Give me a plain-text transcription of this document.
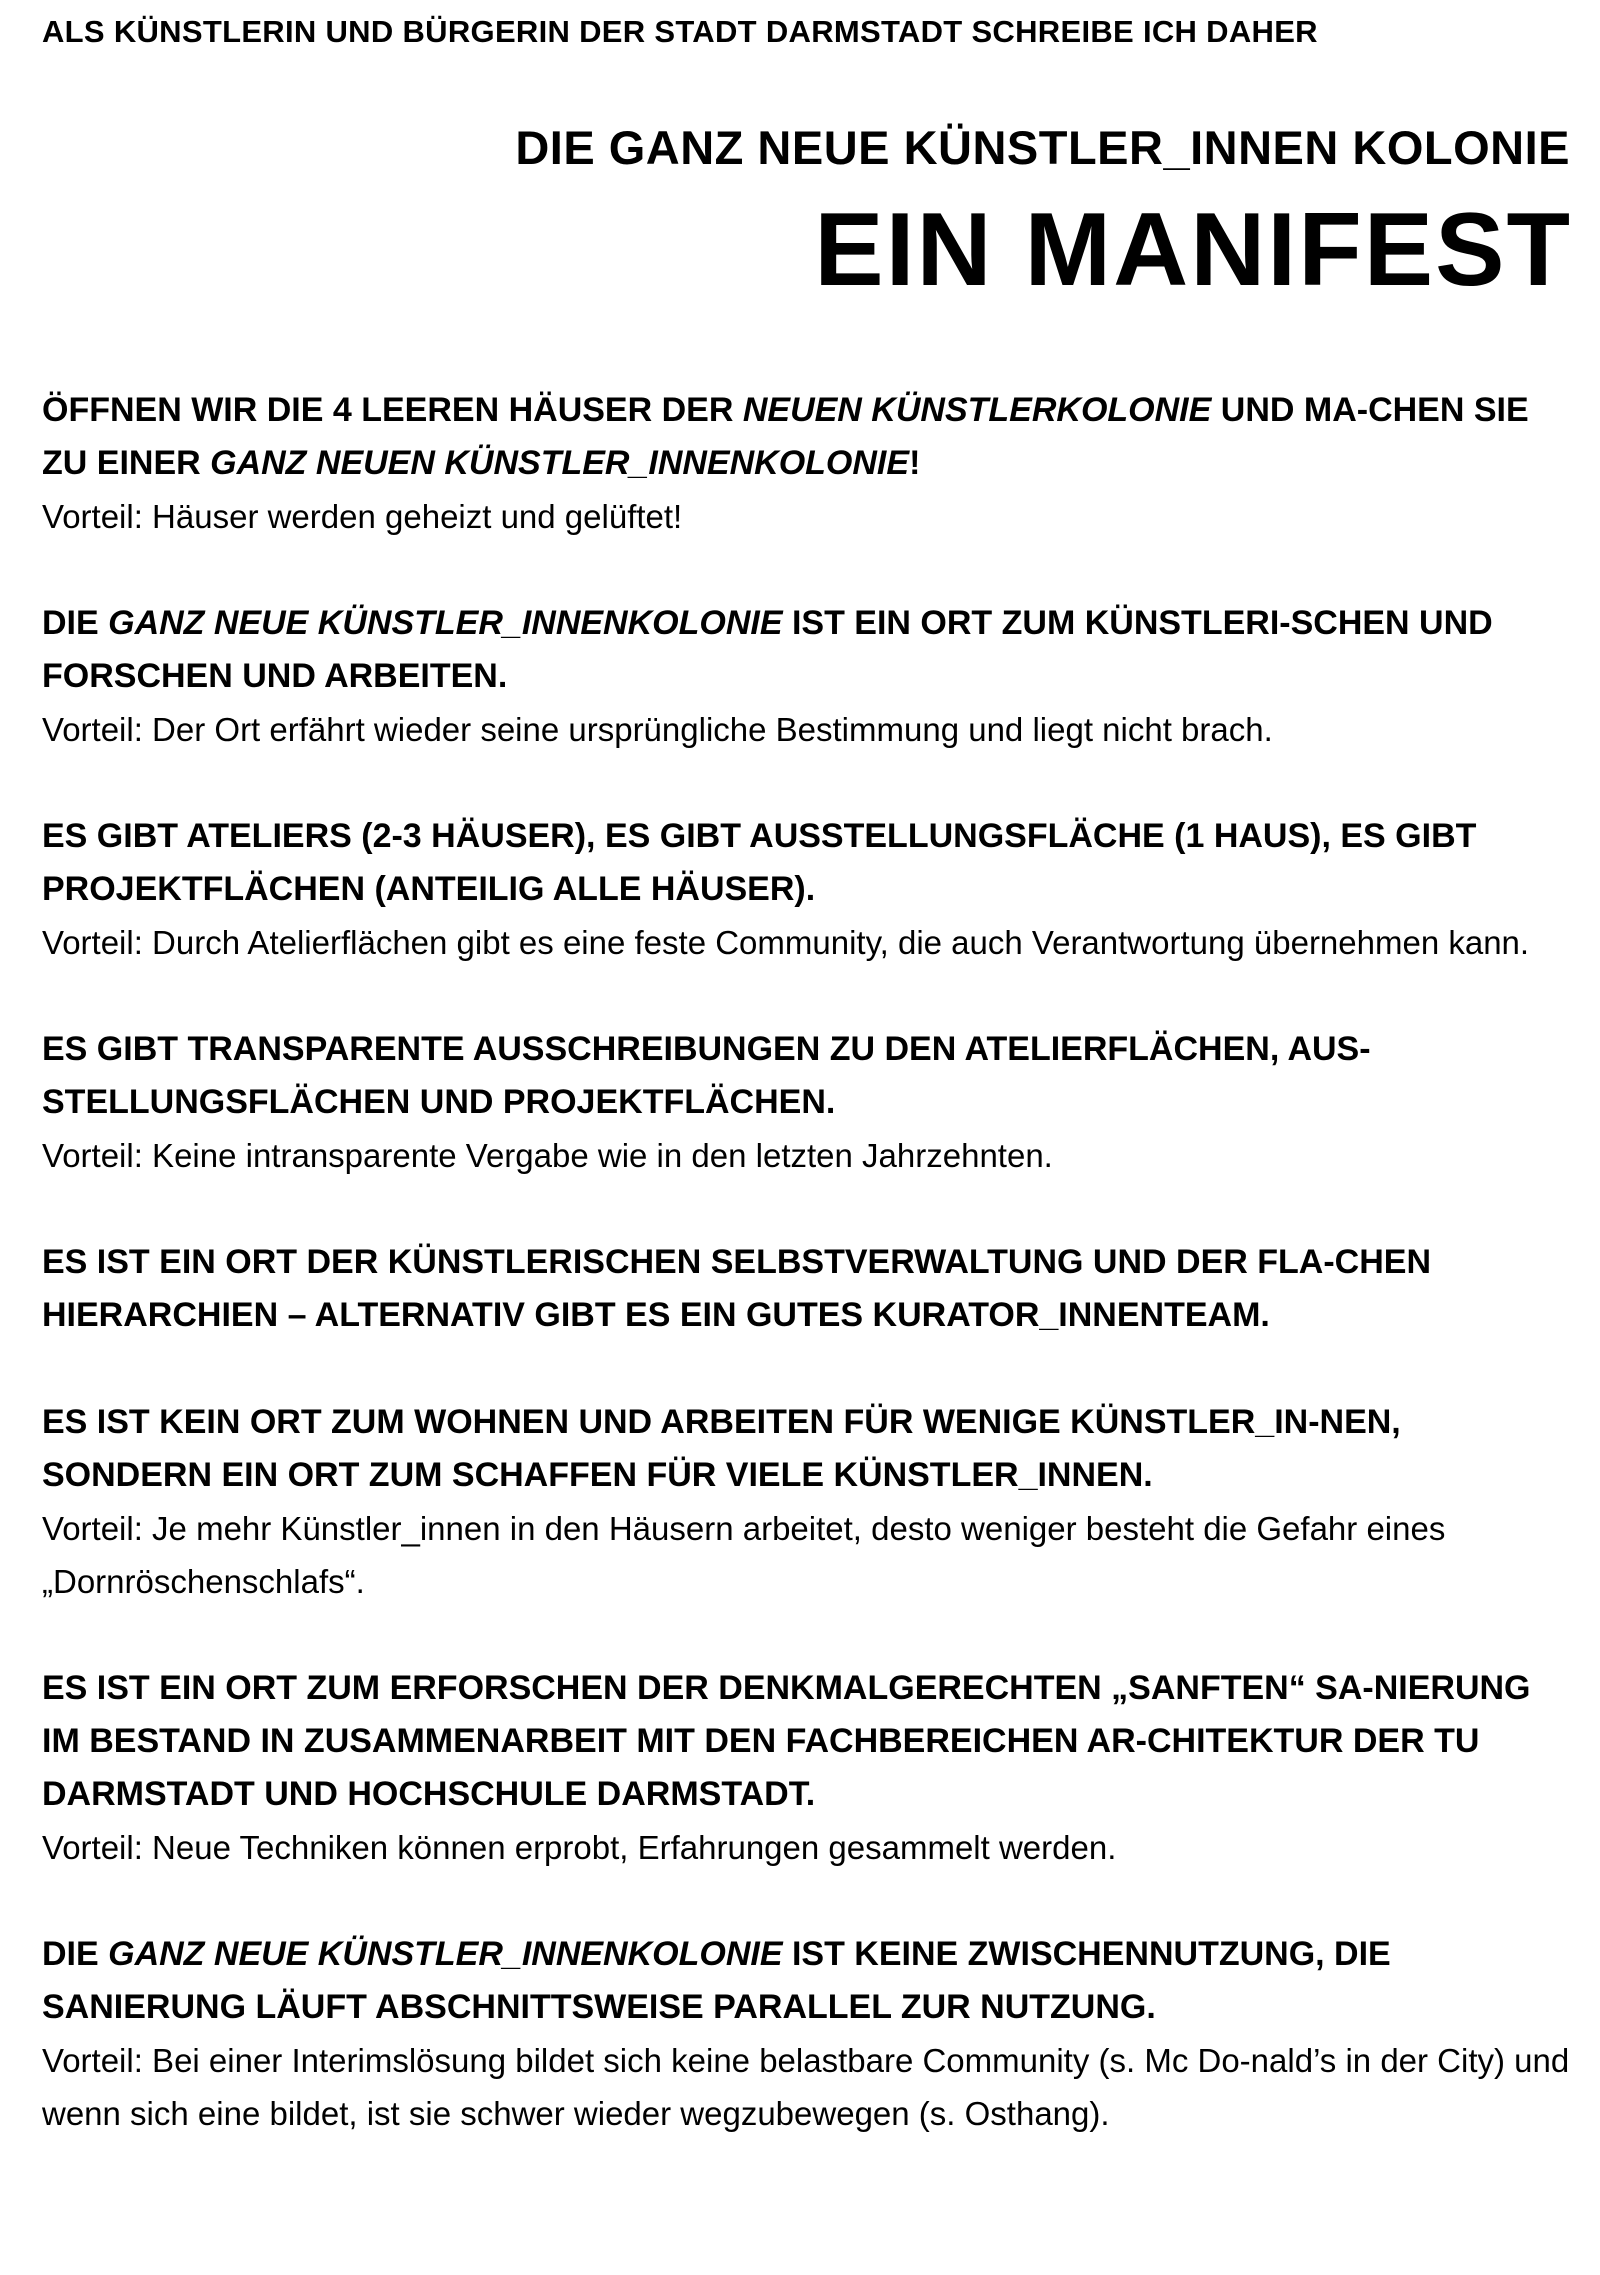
ALS KÜNSTLERIN UND BÜRGERIN DER STADT DARMSTADT SCHREIBE ICH DAHER
DIE GANZ NEUE KÜNSTLER_INNEN KOLONIE
EIN MANIFEST

ÖFFNEN WIR DIE 4 LEEREN HÄUSER DER NEUEN KÜNSTLERKOLONIE UND MA-CHEN SIE ZU EINER GANZ NEUEN KÜNSTLER_INNENKOLONIE!

Vorteil: Häuser werden geheizt und gelüftet!

DIE GANZ NEUE KÜNSTLER_INNENKOLONIE IST EIN ORT ZUM KÜNSTLERI-SCHEN UND FORSCHEN UND ARBEITEN.

Vorteil: Der Ort erfährt wieder seine ursprüngliche Bestimmung und liegt nicht brach.

ES GIBT ATELIERS (2-3 HÄUSER), ES GIBT AUSSTELLUNGSFLÄCHE (1 HAUS), ES GIBT PROJEKTFLÄCHEN (ANTEILIG ALLE HÄUSER).

Vorteil: Durch Atelierflächen gibt es eine feste Community, die auch Verantwortung übernehmen kann.

ES GIBT TRANSPARENTE AUSSCHREIBUNGEN ZU DEN ATELIERFLÄCHEN, AUS-STELLUNGSFLÄCHEN UND PROJEKTFLÄCHEN.

Vorteil: Keine intransparente Vergabe wie in den letzten Jahrzehnten.

ES IST EIN ORT DER KÜNSTLERISCHEN SELBSTVERWALTUNG UND DER FLA-CHEN HIERARCHIEN – ALTERNATIV GIBT ES EIN GUTES KURATOR_INNENTEAM.

ES IST KEIN ORT ZUM WOHNEN UND ARBEITEN FÜR WENIGE KÜNSTLER_IN-NEN, SONDERN EIN ORT ZUM SCHAFFEN FÜR VIELE KÜNSTLER_INNEN.

Vorteil: Je mehr Künstler_innen in den Häusern arbeitet, desto weniger besteht die Gefahr eines „Dornröschenschlafs“.

ES IST EIN ORT ZUM ERFORSCHEN DER DENKMALGERECHTEN „SANFTEN“ SA-NIERUNG IM BESTAND IN ZUSAMMENARBEIT MIT DEN FACHBEREICHEN AR-CHITEKTUR DER TU DARMSTADT UND HOCHSCHULE DARMSTADT.

Vorteil: Neue Techniken können erprobt, Erfahrungen gesammelt werden.

DIE GANZ NEUE KÜNSTLER_INNENKOLONIE IST KEINE ZWISCHENNUTZUNG, DIE SANIERUNG LÄUFT ABSCHNITTSWEISE PARALLEL ZUR NUTZUNG.

Vorteil: Bei einer Interimslösung bildet sich keine belastbare Community (s. Mc Do-nald’s in der City) und wenn sich eine bildet, ist sie schwer wieder wegzubewegen (s. Osthang).
